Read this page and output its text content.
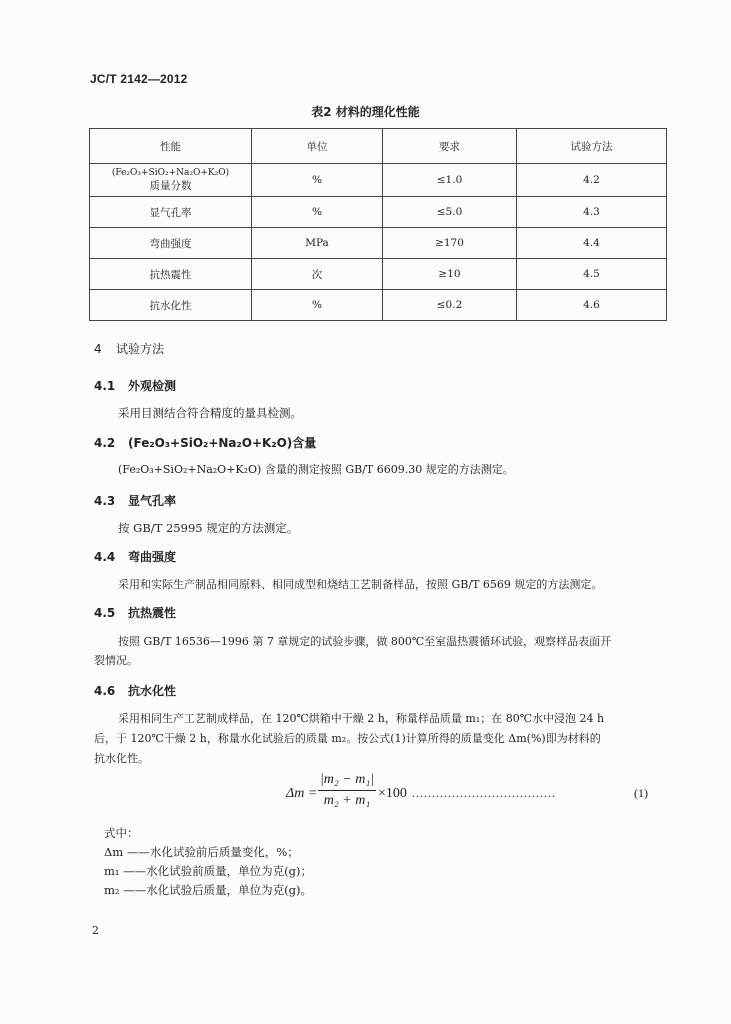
JC/T 2142—2012
表2 材料的理化性能
性能	单位	要求	试验方法

(Fe₂O₃+SiO₂+Na₂O+K₂O)
质量分数	%	≤1.0	4.2
显气孔率	%	≤5.0	4.3
弯曲强度	MPa	≥170	4.4
抗热震性	次	≥10	4.5
抗水化性	%	≤0.2	4.6
4 试验方法
4.1 外观检测
采用目测结合符合精度的量具检测。
4.2 (Fe₂O₃+SiO₂+Na₂O+K₂O)含量
(Fe₂O₃+SiO₂+Na₂O+K₂O) 含量的测定按照 GB/T 6609.30 规定的方法测定。
4.3 显气孔率
按 GB/T 25995 规定的方法测定。
4.4 弯曲强度
采用和实际生产制品相同原料、相同成型和烧结工艺制备样品，按照 GB/T 6569 规定的方法测定。
4.5 抗热震性
按照 GB/T 16536—1996 第 7 章规定的试验步骤，做 800℃至室温热震循环试验，观察样品表面开
裂情况。
4.6 抗水化性
采用相同生产工艺制成样品，在 120℃烘箱中干燥 2 h，称量样品质量 m₁；在 80℃水中浸泡 24 h
后，于 120℃干燥 2 h，称量水化试验后的质量 m₂。按公式(1)计算所得的质量变化 Δm(%)即为材料的
抗水化性。
$\Delta m = \frac{\text{|m₂ − m₁|}}{\text{m₂ + m₁}} \times 100$ ....................................	(1)
式中：
Δm ——水化试验前后质量变化，%；
m₁ ——水化试验前质量，单位为克(g)；
m₂ ——水化试验后质量，单位为克(g)。
2
